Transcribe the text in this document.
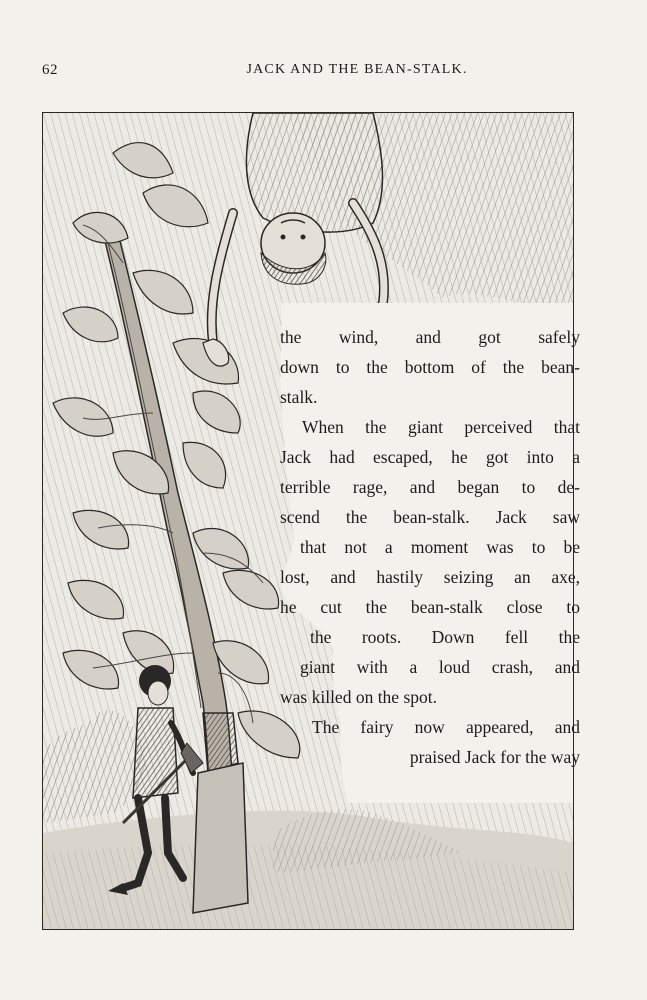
62	JACK AND THE BEAN-STALK.
the wind, and got safely
down to the bottom of the bean-
stalk.
When the giant perceived that
Jack had escaped, he got into a
terrible rage, and began to de-
scend the bean-stalk. Jack saw
that not a moment was to be
lost, and hastily seizing an axe,
he cut the bean-stalk close to
the roots. Down fell the
giant with a loud crash, and
was killed on the spot.
The fairy now appeared, and
praised Jack for the way
